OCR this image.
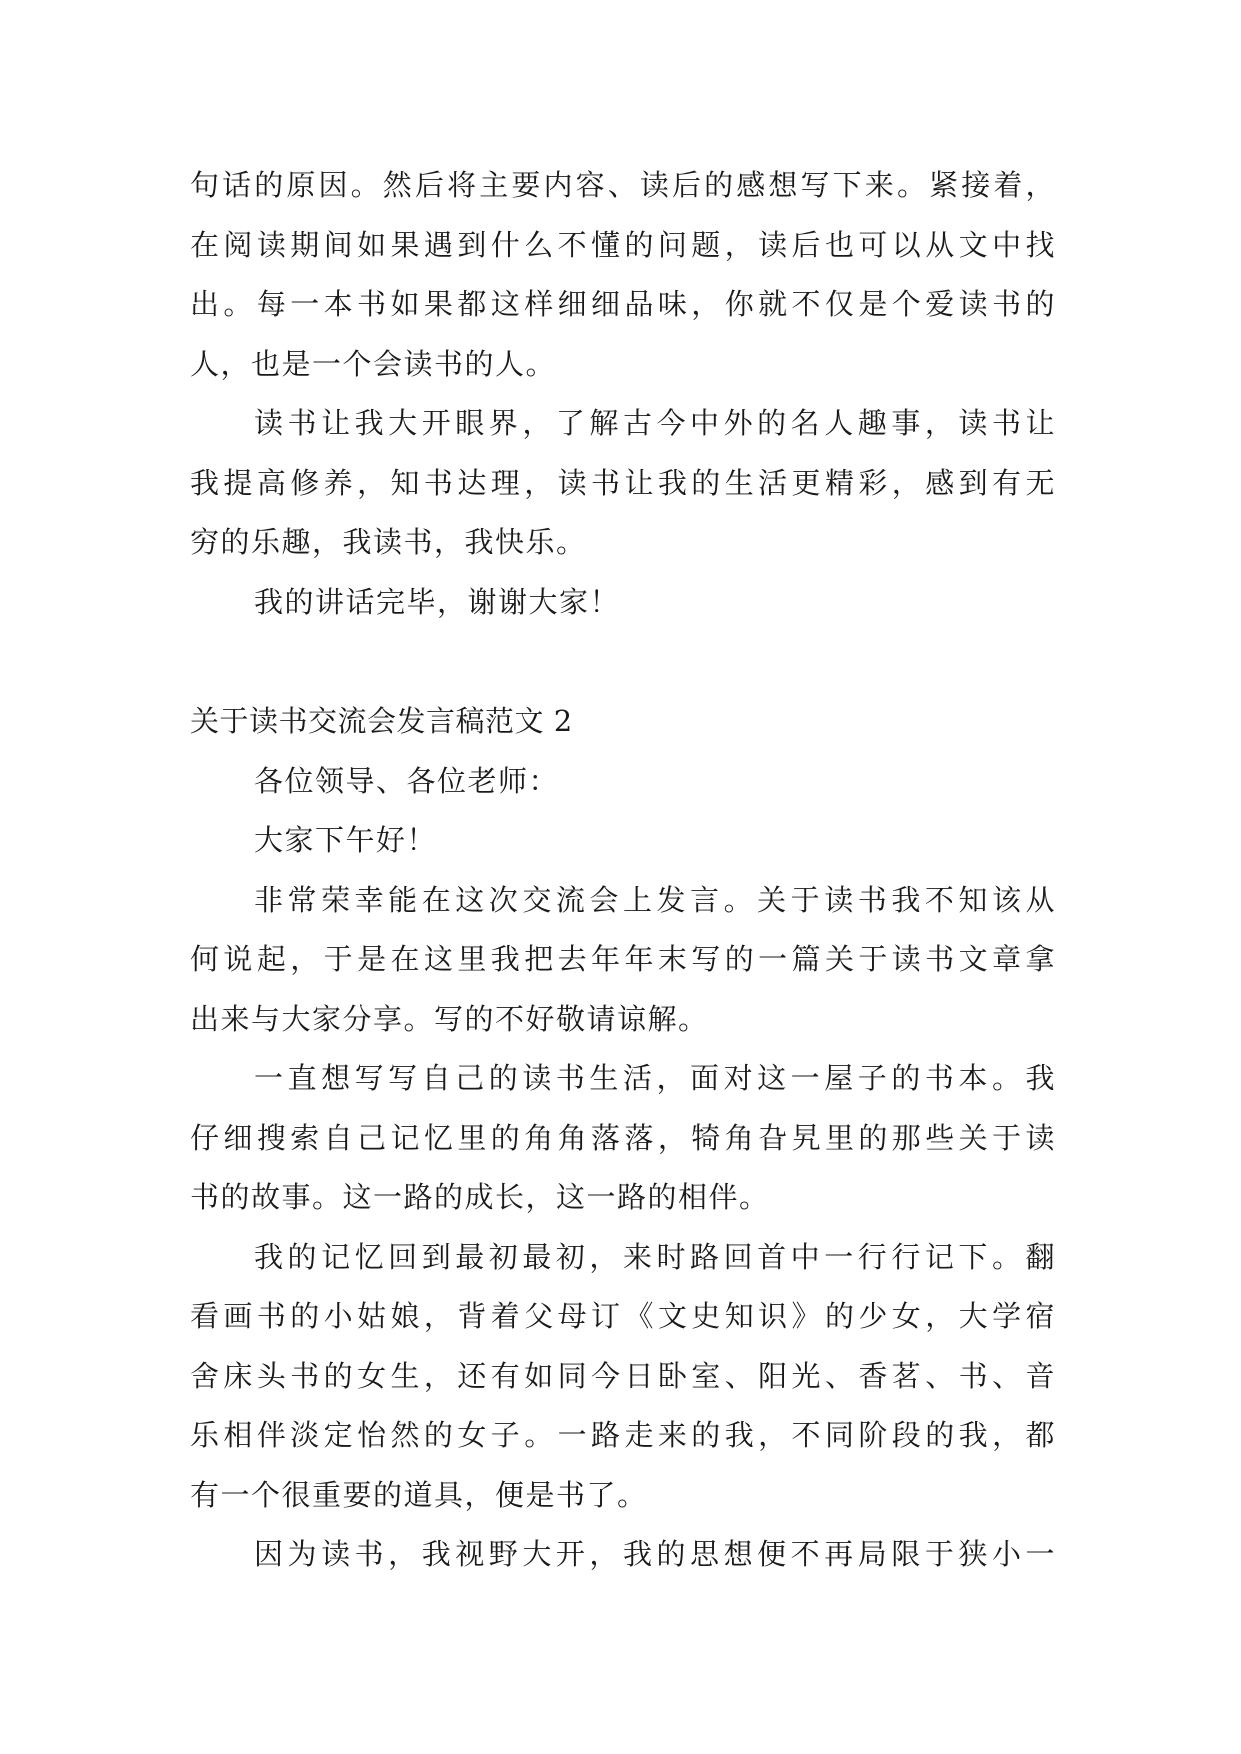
句话的原因。然后将主要内容、读后的感想写下来。紧接着，
在阅读期间如果遇到什么不懂的问题，读后也可以从文中找
出。每一本书如果都这样细细品味，你就不仅是个爱读书的
人，也是一个会读书的人。
读书让我大开眼界，了解古今中外的名人趣事，读书让
我提高修养，知书达理，读书让我的生活更精彩，感到有无
穷的乐趣，我读书，我快乐。
我的讲话完毕，谢谢大家！
关于读书交流会发言稿范文 2
各位领导、各位老师：
大家下午好！
非常荣幸能在这次交流会上发言。关于读书我不知该从
何说起，于是在这里我把去年年末写的一篇关于读书文章拿
出来与大家分享。写的不好敬请谅解。
一直想写写自己的读书生活，面对这一屋子的书本。我
仔细搜索自己记忆里的角角落落，犄角旮旯里的那些关于读
书的故事。这一路的成长，这一路的相伴。
我的记忆回到最初最初，来时路回首中一行行记下。翻
看画书的小姑娘，背着父母订《文史知识》的少女，大学宿
舍床头书的女生，还有如同今日卧室、阳光、香茗、书、音
乐相伴淡定怡然的女子。一路走来的我，不同阶段的我，都
有一个很重要的道具，便是书了。
因为读书，我视野大开，我的思想便不再局限于狭小一
